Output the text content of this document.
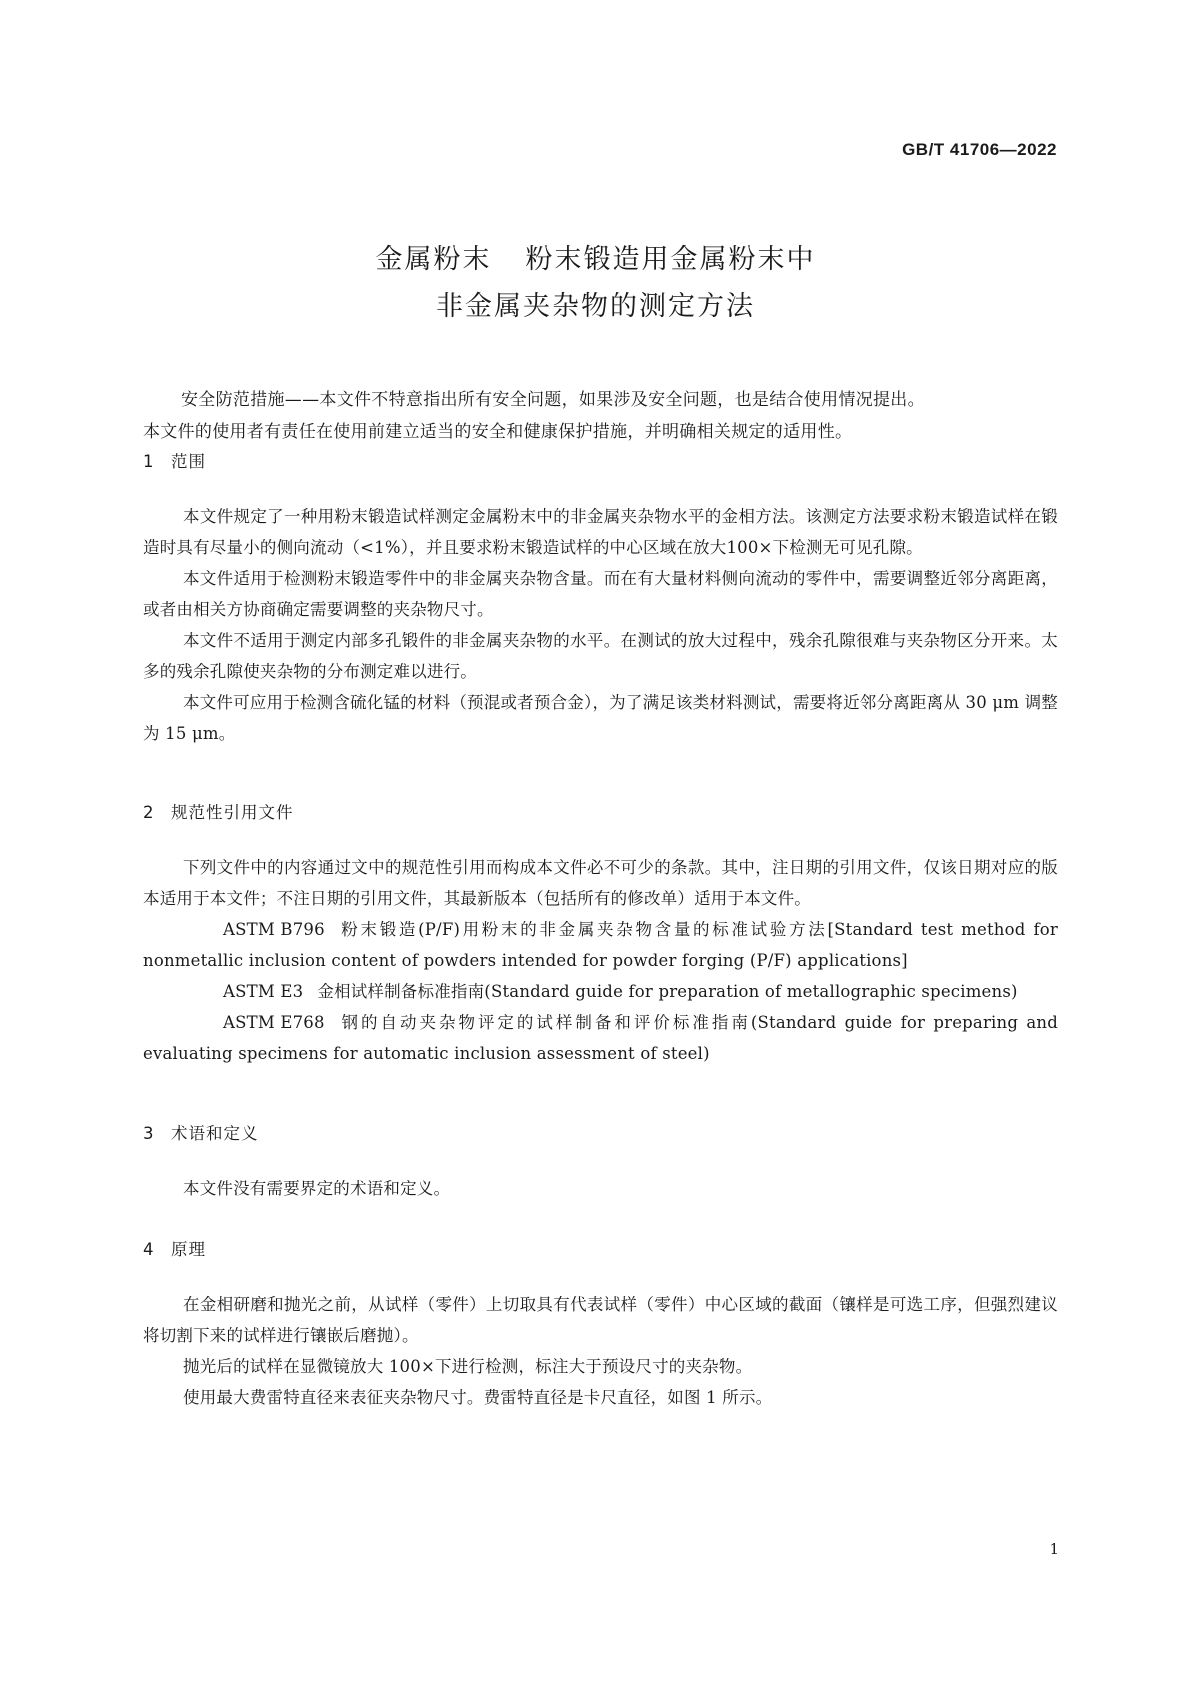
GB/T 41706—2022
金属粉末 粉末锻造用金属粉末中
非金属夹杂物的测定方法

安全防范措施——本文件不特意指出所有安全问题，如果涉及安全问题，也是结合使用情况提出。

本文件的使用者有责任在使用前建立适当的安全和健康保护措施，并明确相关规定的适用性。

1 范围

本文件规定了一种用粉末锻造试样测定金属粉末中的非金属夹杂物水平的金相方法。该测定方法要求粉末锻造试样在锻造时具有尽量小的侧向流动（<1%），并且要求粉末锻造试样的中心区域在放大100×下检测无可见孔隙。

本文件适用于检测粉末锻造零件中的非金属夹杂物含量。而在有大量材料侧向流动的零件中，需要调整近邻分离距离，或者由相关方协商确定需要调整的夹杂物尺寸。

本文件不适用于测定内部多孔锻件的非金属夹杂物的水平。在测试的放大过程中，残余孔隙很难与夹杂物区分开来。太多的残余孔隙使夹杂物的分布测定难以进行。

本文件可应用于检测含硫化锰的材料（预混或者预合金），为了满足该类材料测试，需要将近邻分离距离从 30 μm 调整为 15 μm。

2 规范性引用文件

下列文件中的内容通过文中的规范性引用而构成本文件必不可少的条款。其中，注日期的引用文件，仅该日期对应的版本适用于本文件；不注日期的引用文件，其最新版本（包括所有的修改单）适用于本文件。

ASTM B796 粉末锻造(P/F)用粉末的非金属夹杂物含量的标准试验方法[Standard test method for nonmetallic inclusion content of powders intended for powder forging (P/F) applications]

ASTM E3 金相试样制备标准指南(Standard guide for preparation of metallographic specimens)

ASTM E768 钢的自动夹杂物评定的试样制备和评价标准指南(Standard guide for preparing and evaluating specimens for automatic inclusion assessment of steel)

3 术语和定义

本文件没有需要界定的术语和定义。

4 原理

在金相研磨和抛光之前，从试样（零件）上切取具有代表试样（零件）中心区域的截面（镶样是可选工序，但强烈建议将切割下来的试样进行镶嵌后磨抛）。

抛光后的试样在显微镜放大 100×下进行检测，标注大于预设尺寸的夹杂物。

使用最大费雷特直径来表征夹杂物尺寸。费雷特直径是卡尺直径，如图 1 所示。

1
